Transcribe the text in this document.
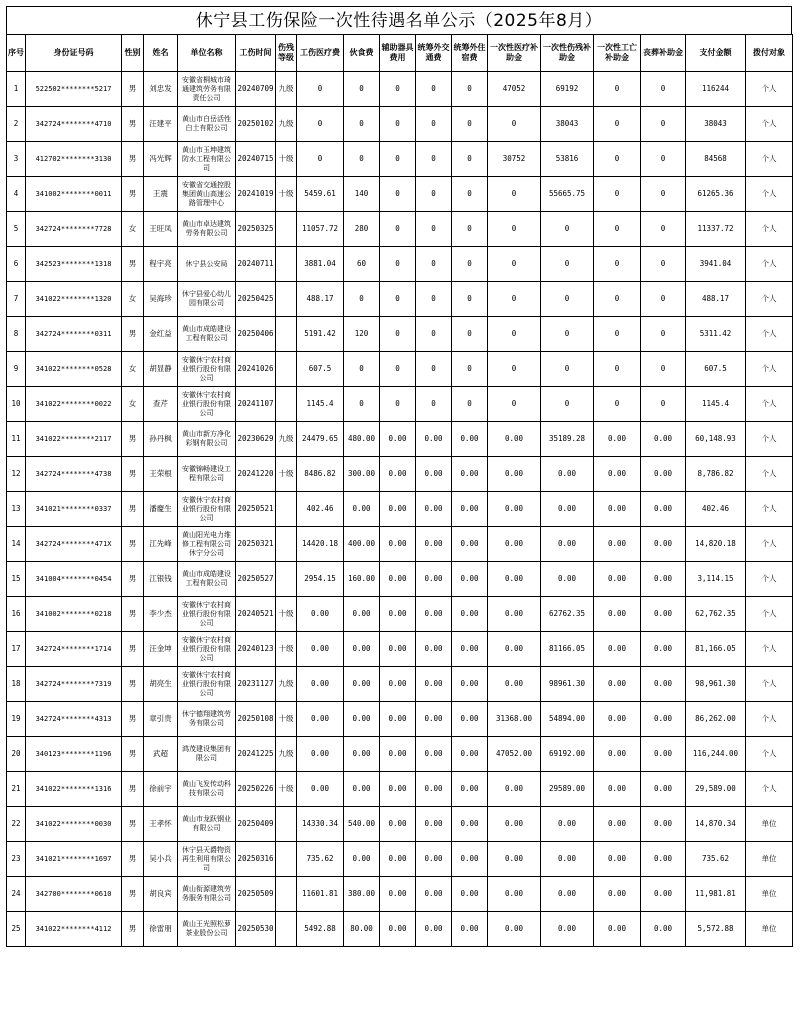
休宁县工伤保险一次性待遇名单公示（2025年8月）
序号	身份证号码	性别	姓名	单位名称	工伤时间	伤残等级	工伤医疗费	伙食费	辅助器具费用	统筹外交通费	统筹外住宿费	一次性医疗补助金	一次性伤残补助金	一次性工亡补助金	丧葬补助金	支付金额	拨付对象
1	522502********5217	男	刘忠发	安徽省桐城市琦通建筑劳务有限责任公司	20240709	九级	0	0	0	0	0	47052	69192	0	0	116244	个人
2	342724********4710	男	汪建平	黄山市白岳活性白土有限公司	20250102	九级	0	0	0	0	0	0	38043	0	0	38043	个人
3	412702********3130	男	冯光辉	黄山市玉坤建筑防水工程有限公司	20240715	十级	0	0	0	0	0	30752	53816	0	0	84568	个人
4	341002********0011	男	王震	安徽省交通控股集团黄山高速公路管理中心	20241019	十级	5459.61	140	0	0	0	0	55665.75	0	0	61265.36	个人
5	342724********7728	女	王旺凤	黄山市卓达建筑劳务有限公司	20250325		11057.72	280	0	0	0	0	0	0	0	11337.72	个人
6	342523********1318	男	程宇亮	休宁县公安局	20240711		3881.04	60	0	0	0	0	0	0	0	3941.04	个人
7	341022********1320	女	吴海珍	休宁县爱心幼儿园有限公司	20250425		488.17	0	0	0	0	0	0	0	0	488.17	个人
8	342724********0311	男	金红益	黄山市成皓建设工程有限公司	20250406		5191.42	120	0	0	0	0	0	0	0	5311.42	个人
9	341022********0528	女	胡显静	安徽休宁农村商业银行股份有限公司	20241026		607.5	0	0	0	0	0	0	0	0	607.5	个人
10	341022********0022	女	查芹	安徽休宁农村商业银行股份有限公司	20241107		1145.4	0	0	0	0	0	0	0	0	1145.4	个人
11	341022********2117	男	孙丹枫	黄山市新方净化彩钢有限公司	20230629	九级	24479.65	480.00	0.00	0.00	0.00	0.00	35189.28	0.00	0.00	60,148.93	个人
12	342724********4738	男	王荣根	安徽锦畅建设工程有限公司	20241220	十级	8486.82	300.00	0.00	0.00	0.00	0.00	0.00	0.00	0.00	8,786.82	个人
13	341021********0337	男	潘慶生	安徽休宁农村商业银行股份有限公司	20250521		402.46	0.00	0.00	0.00	0.00	0.00	0.00	0.00	0.00	402.46	个人
14	342724********471X	男	江先峰	黄山阳光电力维修工程有限公司休宁分公司	20250321		14420.18	400.00	0.00	0.00	0.00	0.00	0.00	0.00	0.00	14,820.18	个人
15	341004********0454	男	江银钱	黄山市成皓建设工程有限公司	20250527		2954.15	160.00	0.00	0.00	0.00	0.00	0.00	0.00	0.00	3,114.15	个人
16	341002********0218	男	李少杰	安徽休宁农村商业银行股份有限公司	20240521	十级	0.00	0.00	0.00	0.00	0.00	0.00	62762.35	0.00	0.00	62,762.35	个人
17	342724********1714	男	汪金坤	安徽休宁农村商业银行股份有限公司	20240123	十级	0.00	0.00	0.00	0.00	0.00	0.00	81166.05	0.00	0.00	81,166.05	个人
18	342724********7319	男	胡亮生	安徽休宁农村商业银行股份有限公司	20231127	九级	0.00	0.00	0.00	0.00	0.00	0.00	98961.30	0.00	0.00	98,961.30	个人
19	342724********4313	男	章引贵	休宁德翔建筑劳务有限公司	20250108	十级	0.00	0.00	0.00	0.00	0.00	31368.00	54894.00	0.00	0.00	86,262.00	个人
20	340123********1196	男	武超	鸿茂建设集团有限公司	20241225	九级	0.00	0.00	0.00	0.00	0.00	47052.00	69192.00	0.00	0.00	116,244.00	个人
21	341022********1316	男	徐前宇	黄山飞发传动科技有限公司	20250226	十级	0.00	0.00	0.00	0.00	0.00	0.00	29589.00	0.00	0.00	29,589.00	个人
22	341022********0030	男	王孝怀	黄山市龙跃钢业有限公司	20250409		14330.34	540.00	0.00	0.00	0.00	0.00	0.00	0.00	0.00	14,870.34	单位
23	341021********1697	男	吴小兵	休宁县天爵物资再生利用有限公司	20250316		735.62	0.00	0.00	0.00	0.00	0.00	0.00	0.00	0.00	735.62	单位
24	342700********0610	男	胡良宾	黄山衔源建筑劳务服务有限公司	20250509		11601.81	380.00	0.00	0.00	0.00	0.00	0.00	0.00	0.00	11,981.81	单位
25	341022********4112	男	徐雷朋	黄山王光照松萝茶业股份公司	20250530		5492.88	80.00	0.00	0.00	0.00	0.00	0.00	0.00	0.00	5,572.88	单位
